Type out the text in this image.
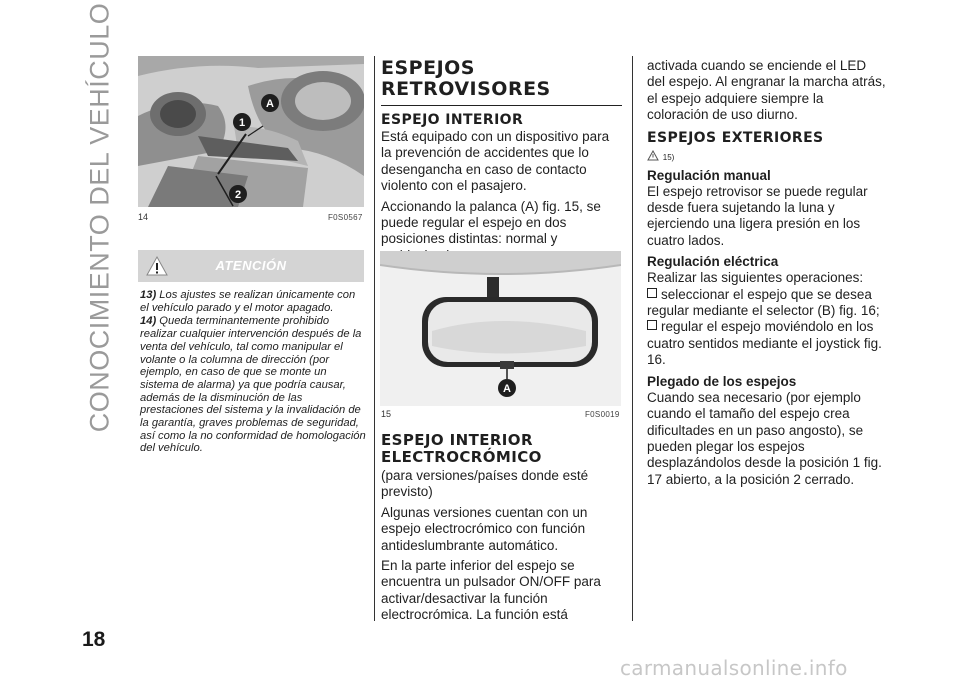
CONOCIMIENTO DEL VEHÍCULO	A
1
2
14	F0S0567
ATENCIÓN

13) Los ajustes se realizan únicamente con el vehículo parado y el motor apagado.

14) Queda terminantemente prohibido realizar cualquier intervención después de la venta del vehículo, tal como manipular el volante o la columna de dirección (por ejemplo, en caso de que se monte un sistema de alarma) ya que podría causar, además de la disminución de las prestaciones del sistema y la invalidación de la garantía, graves problemas de seguridad, así como la no conformidad de homologación del vehículo.

ESPEJOS
RETROVISORES
ESPEJO INTERIOR

Está equipado con un dispositivo para la prevención de accidentes que lo desengancha en caso de contacto violento con el pasajero.

Accionando la palanca (A) fig. 15, se puede regular el espejo en dos posiciones distintas: normal y

A
15	F0S0019
ESPEJO INTERIOR
ELECTROCRÓMICO

(para versiones/países donde esté previsto)

Algunas versiones cuentan con un espejo electrocrómico con función antideslumbrante automático.

En la parte inferior del espejo se encuentra un pulsador ON/OFF para activar/desactivar la función electrocrómica. La función está

activada cuando se enciende el LED del espejo. Al engranar la marcha atrás, el espejo adquiere siempre la coloración de uso diurno.

ESPEJOS EXTERIORES
15)
Regulación manual

El espejo retrovisor se puede regular desde fuera sujetando la luna y ejerciendo una ligera presión en los cuatro lados.

Regulación eléctrica

Realizar las siguientes operaciones:

seleccionar el espejo que se desea regular mediante el selector (B) fig. 16;

regular el espejo moviéndolo en los cuatro sentidos mediante el joystick fig. 16.

Plegado de los espejos

Cuando sea necesario (por ejemplo cuando el tamaño del espejo crea dificultades en un paso angosto), se pueden plegar los espejos desplazándolos desde la posición 1 fig. 17 abierto, a la posición 2 cerrado.

18
carmanualsonline.info
